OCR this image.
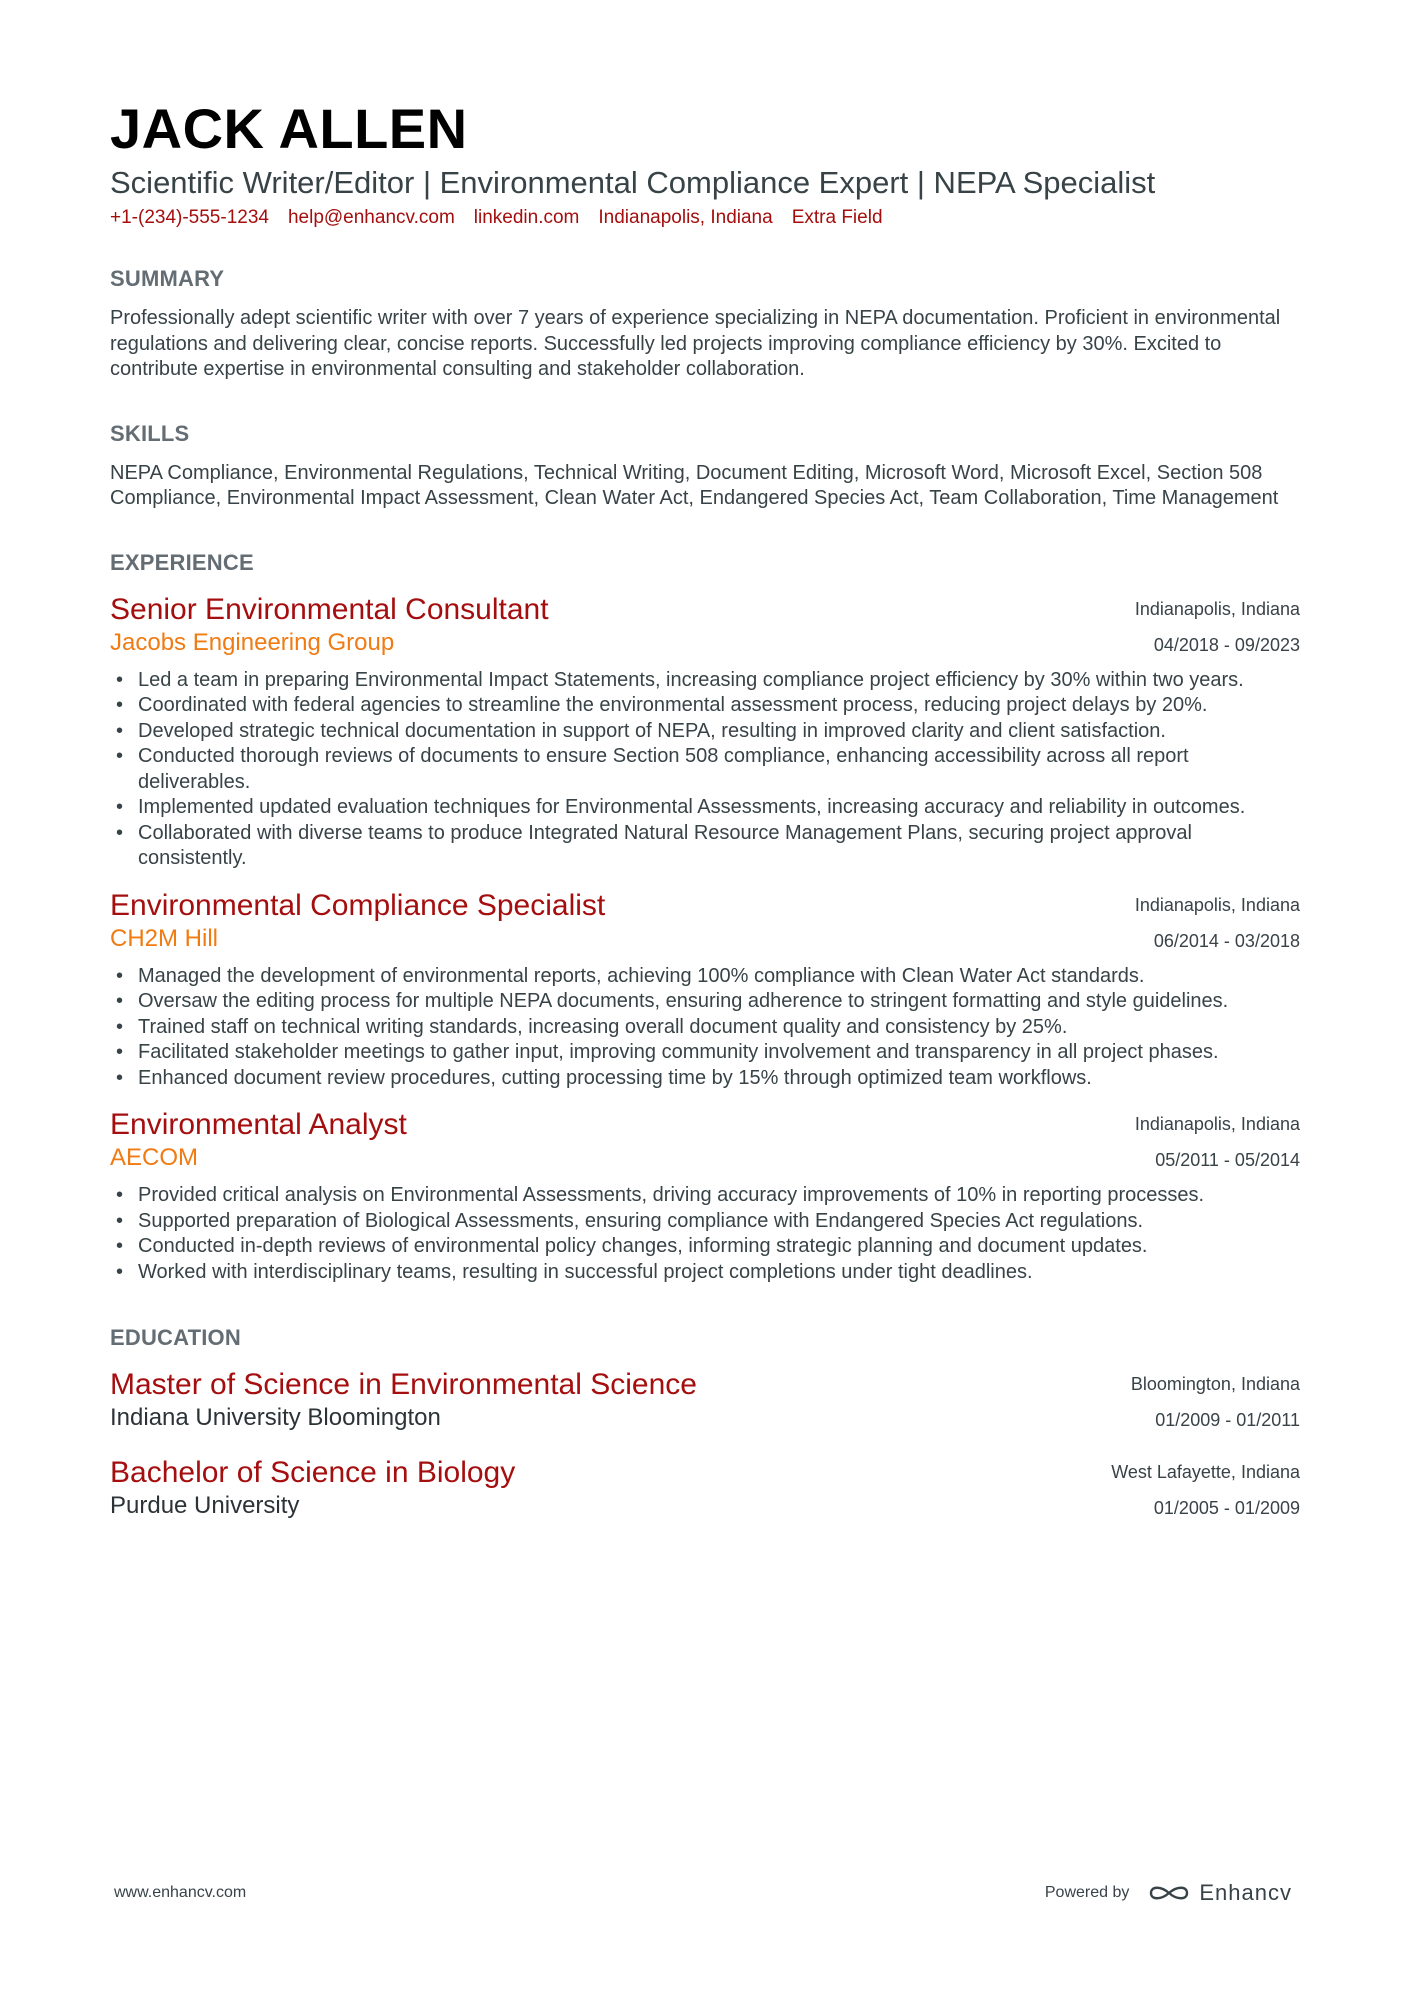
JACK ALLEN
Scientific Writer/Editor | Environmental Compliance Expert | NEPA Specialist
+1-(234)-555-1234 help@enhancv.com linkedin.com Indianapolis, Indiana Extra Field
SUMMARY
Professionally adept scientific writer with over 7 years of experience specializing in NEPA documentation. Proficient in environmental regulations and delivering clear, concise reports. Successfully led projects improving compliance efficiency by 30%. Excited to contribute expertise in environmental consulting and stakeholder collaboration.
SKILLS
NEPA Compliance, Environmental Regulations, Technical Writing, Document Editing, Microsoft Word, Microsoft Excel, Section 508 Compliance, Environmental Impact Assessment, Clean Water Act, Endangered Species Act, Team Collaboration, Time Management
EXPERIENCE
Senior Environmental Consultant
Jacobs Engineering Group
Indianapolis, Indiana
04/2018 - 09/2023
• Led a team in preparing Environmental Impact Statements, increasing compliance project efficiency by 30% within two years.
• Coordinated with federal agencies to streamline the environmental assessment process, reducing project delays by 20%.
• Developed strategic technical documentation in support of NEPA, resulting in improved clarity and client satisfaction.
• Conducted thorough reviews of documents to ensure Section 508 compliance, enhancing accessibility across all report deliverables.
• Implemented updated evaluation techniques for Environmental Assessments, increasing accuracy and reliability in outcomes.
• Collaborated with diverse teams to produce Integrated Natural Resource Management Plans, securing project approval consistently.
Environmental Compliance Specialist
CH2M Hill
Indianapolis, Indiana
06/2014 - 03/2018
• Managed the development of environmental reports, achieving 100% compliance with Clean Water Act standards.
• Oversaw the editing process for multiple NEPA documents, ensuring adherence to stringent formatting and style guidelines.
• Trained staff on technical writing standards, increasing overall document quality and consistency by 25%.
• Facilitated stakeholder meetings to gather input, improving community involvement and transparency in all project phases.
• Enhanced document review procedures, cutting processing time by 15% through optimized team workflows.
Environmental Analyst
AECOM
Indianapolis, Indiana
05/2011 - 05/2014
• Provided critical analysis on Environmental Assessments, driving accuracy improvements of 10% in reporting processes.
• Supported preparation of Biological Assessments, ensuring compliance with Endangered Species Act regulations.
• Conducted in-depth reviews of environmental policy changes, informing strategic planning and document updates.
• Worked with interdisciplinary teams, resulting in successful project completions under tight deadlines.
EDUCATION
Master of Science in Environmental Science
Indiana University Bloomington
Bloomington, Indiana
01/2009 - 01/2011
Bachelor of Science in Biology
Purdue University
West Lafayette, Indiana
01/2005 - 01/2009
www.enhancv.com	Powered by	Enhancv
